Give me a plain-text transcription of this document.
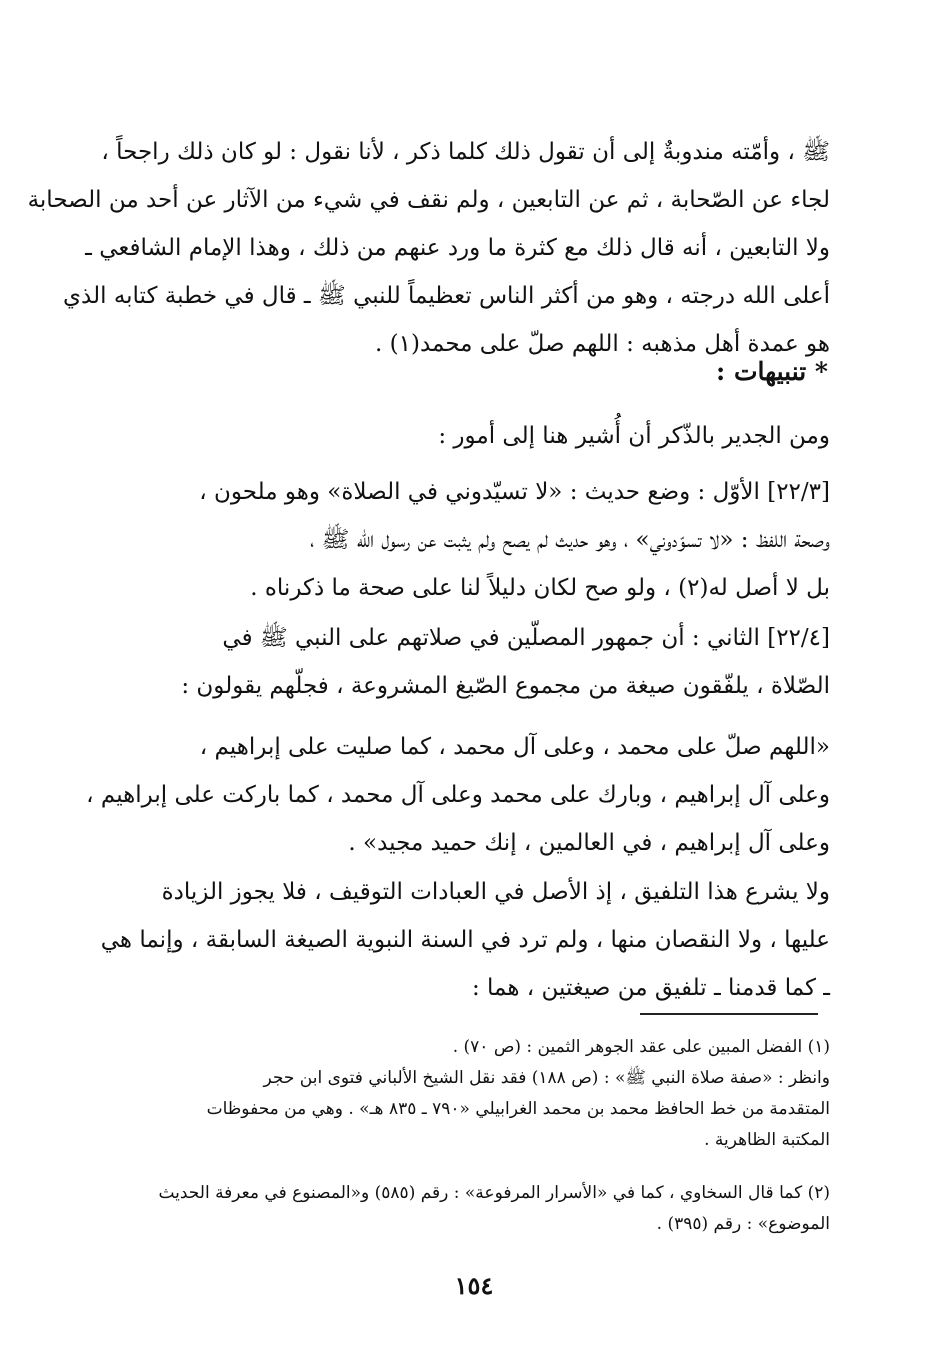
ﷺ ، وأمّته مندوبةٌ إلى أن تقول ذلك كلما ذكر ، لأنا نقول : لو كان ذلك راجحاً ،
لجاء عن الصّحابة ، ثم عن التابعين ، ولم نقف في شيء من الآثار عن أحد من الصحابة
ولا التابعين ، أنه قال ذلك مع كثرة ما ورد عنهم من ذلك ، وهذا الإمام الشافعي ـ
أعلى الله درجته ، وهو من أكثر الناس تعظيماً للنبي ﷺ ـ قال في خطبة كتابه الذي
هو عمدة أهل مذهبه : اللهم صلّ على محمد(١) .
* تنبيهات :
ومن الجدير بالذّكر أن أُشير هنا إلى أمور :
[٢٢/٣] الأوّل : وضع حديث : «لا تسيّدوني في الصلاة» وهو ملحون ،
وصحة اللفظ : «لا تسوّدوني» ، وهو حديث لم يصح ولم يثبت عن رسول الله ﷺ ،
بل لا أصل له(٢) ، ولو صح لكان دليلاً لنا على صحة ما ذكرناه .
[٢٢/٤] الثاني : أن جمهور المصلّين في صلاتهم على النبي ﷺ في
الصّلاة ، يلفّقون صيغة من مجموع الصّيغ المشروعة ، فجلّهم يقولون :
«اللهم صلّ على محمد ، وعلى آل محمد ، كما صليت على إبراهيم ،
وعلى آل إبراهيم ، وبارك على محمد وعلى آل محمد ، كما باركت على إبراهيم ،
وعلى آل إبراهيم ، في العالمين ، إنك حميد مجيد» .
ولا يشرع هذا التلفيق ، إذ الأصل في العبادات التوقيف ، فلا يجوز الزيادة
عليها ، ولا النقصان منها ، ولم ترد في السنة النبوية الصيغة السابقة ، وإنما هي
ـ كما قدمنا ـ تلفيق من صيغتين ، هما :
(١) الفضل المبين على عقد الجوهر الثمين : (ص ٧٠) .
وانظر : «صفة صلاة النبي ﷺ» : (ص ١٨٨) فقد نقل الشيخ الألباني فتوى ابن حجر
المتقدمة من خط الحافظ محمد بن محمد الغرابيلي «٧٩٠ ـ ٨٣٥ هـ» . وهي من محفوظات
المكتبة الظاهرية .
(٢) كما قال السخاوي ، كما في «الأسرار المرفوعة» : رقم (٥٨٥) و«المصنوع في معرفة الحديث
الموضوع» : رقم (٣٩٥) .
١٥٤
